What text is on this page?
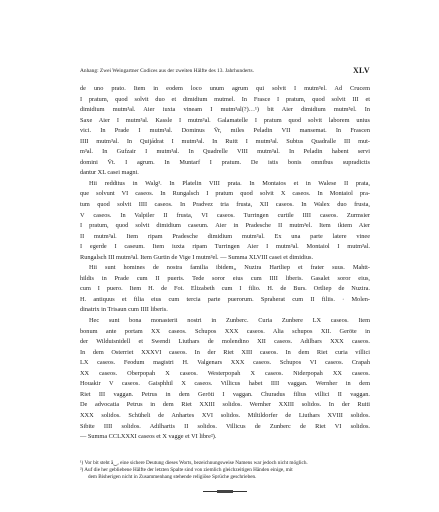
Anhang: Zwei Weingartner Codices aus der zweiten Hälfte des 13. Jahrhunderts.	XLV
de uno prato. Item in eodem loco unum agrum qui solvit I mutm³el. Ad Crucem
I pratum, quod solvit duo et dimidium mutmel. In Frasce I pratum, quod solvit III et
dimidium mutm³al. Aier iuxta vineam I mutm³al(?)…¹) bit Aier dimidium mutm³el. In
Saxe Aier I mutm³al. Kassle I mutm³al. Galamatelle I pratum quod solvit laborem unius
vici. In Prade I mutm³al. Dominus V̄r, miles Peladin VII mansemat. In Frascen
IIII mutm³al. In Quijádrat I mutm³al. In Ruitt I mutm³al. Subtus Quadralle III mut-
m³al. In Gufzair I mutm³al. In Quadrelle VIII mutm³al. In Peladin habent servi
domini V̄t. I agrum. In Muntarf I pratum. De istis bonis omnibus supradictis
dantur XL casei magni.
Hii redditus in Walg³. In Platelin VIII prata. In Montaios et in Walese II prata,
que solvunt VI caseos. In Rungalsch I pratum quod solvit X caseos. In Montaiol pra-
tum quod solvit IIII caseos. In Pradvez tria frusta, XII caseos. In Walex duo frusta,
V caseos. In Valpiler II frusta, VI caseos. Turringen curtile IIII caseos. Zurmsier
I pratum, quod solvit dimidium caseum. Aier in Pradesche II mutm³el. Item iktem Aier
II mutm³al. Item ripam Pradesche dimidium mutm³al. Ex una parte latere vinee
I egerde I caseum. Item iuxta ripam Turringen Aier I mutm³al. Montaiol I mutm³al.
Rungalsch III mutm³al. Item Gurtin de Vige I mutm³el. — Summa XLVIII casei et dimidius.
Hii sunt homines de nostra familia ibidem„ Nuzira Hartliep et frater suus. Mahtt-
hildis in Prade cum II pueris. Tede soror eius cum IIII liberis. Gasalet soror eius,
cum I puero. Item H. de Fot. Elizabeth cum I filio. H. de Burs. Ortliep de Nuzira.
H. antiquus et filia eius cum tercia parte puerorum. Spraherat cum II filiis. · Molen-
dinatrix in Trisaun cum IIII liberis.
Hec sunt bona monasterii nostri in Zunberc. Curia Zunbere LX caseos. Item
bonum ante portam XX caseos. Schupos XXX caseos. Alia schupos XII. Geröte in
der Wilduisnidell et Swendi Liuthars de molendino XII caseos. Adilbars XXX caseos.
In dem Osterriet XXXVI caseos. In der Riet XIII caseos. In dem Riet curia villici
LX caseos. Feodum magistri H. Valgenars XXX caseos. Schupos VI caseos. Crapah
XX caseos. Oberpopah X caseos. Westerpopah X caseos. Niderpopah XX caseos.
Houakir V caseos. Gaisphhil X caseos. Villicus habet IIII vaggan. Wernher in dem
Riet III vaggan. Petrus in dem Geröti I vaggan. Churadus filius villici II vaggan.
De advocatia Petrus in dem Riet XXIII solidos. Wernher XXIII solidos. In der Ruiti
XXX solidos. Schüheli de Anhartes XVI solidos. Miltildorfer de Liuthars XVIII solidos.
Sibite IIII solidos. Adilhartis II solidos. Villicus de Zunberc de Riet VI solidos.
— Summa CCLXXXI caseos et X vagge et VI libre²).
¹) Vor bit steht ã‿, eine sichere Deutung dieses Worts, bezeichnungsweise Namens war jedoch nicht möglich.
²) Auf die her gebliebene Hälfte der letzten Spalte sind von ziemlich gleichzeitigen Händen einige, mit
dem Bisherigen nicht in Zusammenhang stehende religiöse Sprüche geschrieben.
